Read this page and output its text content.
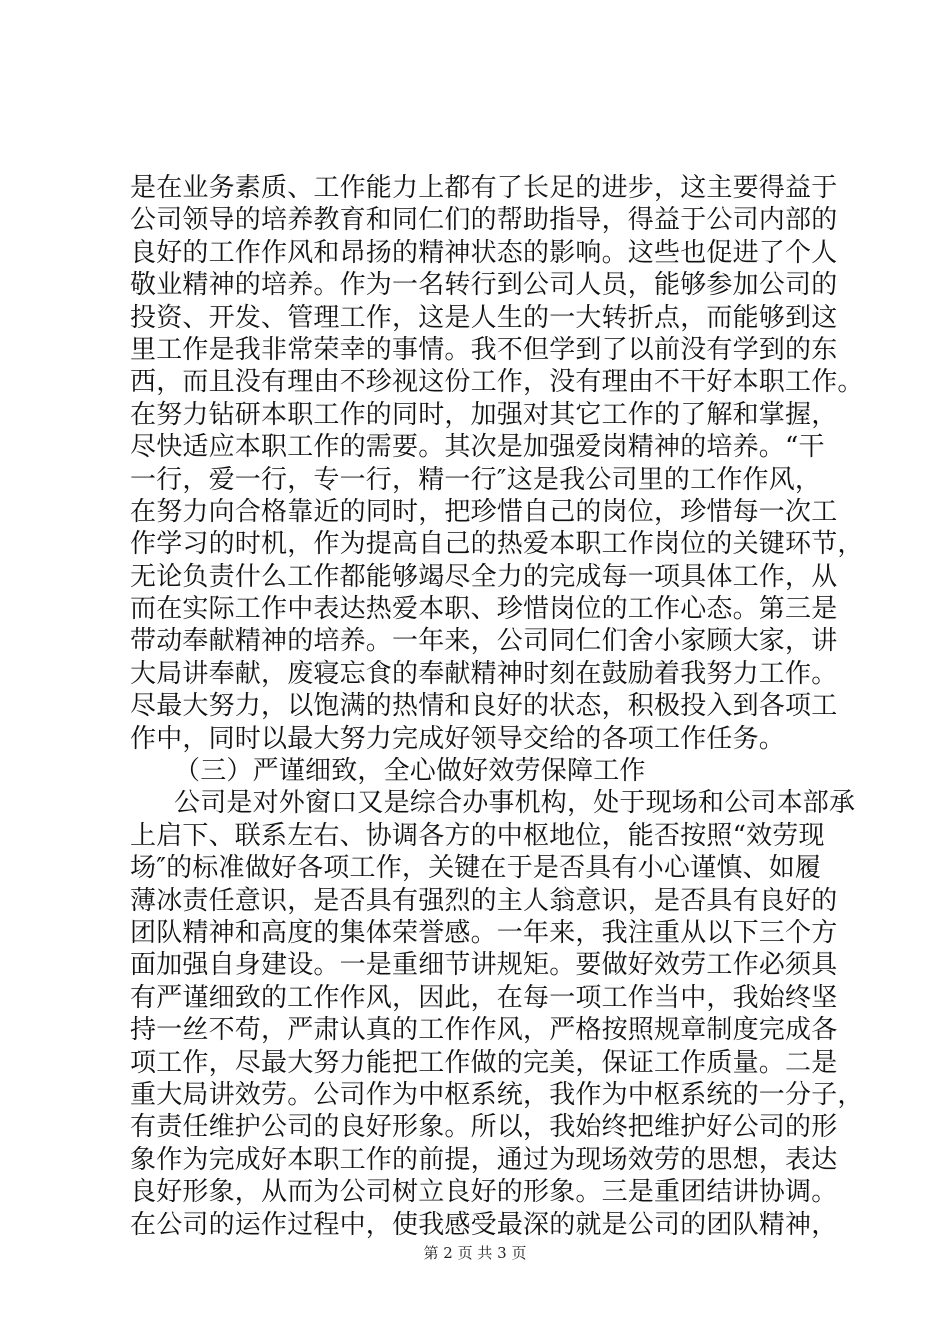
是在业务素质、工作能力上都有了长足的进步，这主要得益于
公司领导的培养教育和同仁们的帮助指导，得益于公司内部的
良好的工作作风和昂扬的精神状态的影响。这些也促进了个人
敬业精神的培养。作为一名转行到公司人员，能够参加公司的
投资、开发、管理工作，这是人生的一大转折点，而能够到这
里工作是我非常荣幸的事情。我不但学到了以前没有学到的东
西，而且没有理由不珍视这份工作，没有理由不干好本职工作。
在努力钻研本职工作的同时，加强对其它工作的了解和掌握，
尽快适应本职工作的需要。其次是加强爱岗精神的培养。“干
一行，爱一行，专一行，精一行″这是我公司里的工作作风，
在努力向合格靠近的同时，把珍惜自己的岗位，珍惜每一次工
作学习的时机，作为提高自己的热爱本职工作岗位的关键环节，
无论负责什么工作都能够竭尽全力的完成每一项具体工作，从
而在实际工作中表达热爱本职、珍惜岗位的工作心态。第三是
带动奉献精神的培养。一年来，公司同仁们舍小家顾大家，讲
大局讲奉献，废寝忘食的奉献精神时刻在鼓励着我努力工作。
尽最大努力，以饱满的热情和良好的状态，积极投入到各项工
作中，同时以最大努力完成好领导交给的各项工作任务。
（三）严谨细致，全心做好效劳保障工作
公司是对外窗口又是综合办事机构，处于现场和公司本部承
上启下、联系左右、协调各方的中枢地位，能否按照“效劳现
场″的标准做好各项工作，关键在于是否具有小心谨慎、如履
薄冰责任意识，是否具有强烈的主人翁意识，是否具有良好的
团队精神和高度的集体荣誉感。一年来，我注重从以下三个方
面加强自身建设。一是重细节讲规矩。要做好效劳工作必须具
有严谨细致的工作作风，因此，在每一项工作当中，我始终坚
持一丝不苟，严肃认真的工作作风，严格按照规章制度完成各
项工作，尽最大努力能把工作做的完美，保证工作质量。二是
重大局讲效劳。公司作为中枢系统，我作为中枢系统的一分子，
有责任维护公司的良好形象。所以，我始终把维护好公司的形
象作为完成好本职工作的前提，通过为现场效劳的思想，表达
良好形象，从而为公司树立良好的形象。三是重团结讲协调。
在公司的运作过程中，使我感受最深的就是公司的团队精神，
第 2 页 共 3 页
